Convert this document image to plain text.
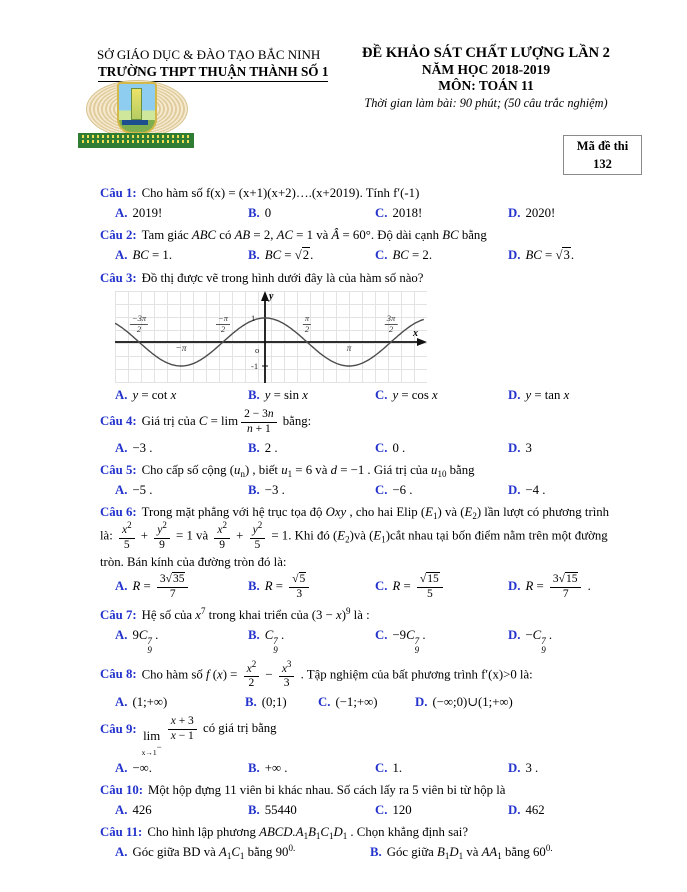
SỞ GIÁO DỤC & ĐÀO TẠO BẮC NINH
TRƯỜNG THPT THUẬN THÀNH SỐ 1
ĐỀ KHẢO SÁT CHẤT LƯỢNG LẦN 2
NĂM HỌC 2018-2019
MÔN: TOÁN 11
Thời gian làm bài: 90 phút; (50 câu trắc nghiệm)
Mã đề thi
132
Câu 1: Cho hàm số f(x) = (x+1)(x+2)….(x+2019). Tính f′(-1)
A. 2019!	B. 0	C. 2018!	D. 2020!
Câu 2: Tam giác ABC có AB = 2, AC = 1 và Â = 60°. Độ dài cạnh BC bằng
A. BC = 1.	B. BC = √2.	C. BC = 2.	D. BC = √3.
Câu 3: Đồ thị được vẽ trong hình dưới đây là của hàm số nào?
−3π
2
−π
−π
2
π
2
π
3π
2
1
-1
o
y
x
A. y = cot x	B. y = sin x	C. y = cos x	D. y = tan x
Câu 4: Giá trị của $C = \lim \frac{2 - 3n}{n + 1}$ bằng:
A. −3 .	B. 2 .	C. 0 .	D. 3
Câu 5: Cho cấp số cộng $(u_n)$ , biết $u_1 = 6$ và d = −1 . Giá trị của $u_{10}$ bằng
A. −5 .	B. −3 .	C. −6 .	D. −4 .
Câu 6: Trong mặt phẳng với hệ trục tọa độ Oxy , cho hai Elip $(E_1)$ và $(E_2)$ lần lượt có phương trình là: $\frac{x^2}{5} + \frac{y^2}{9} = 1$ và $\frac{x^2}{9} + \frac{y^2}{5} = 1$. Khi đó $(E_2)và$ $(E_1)cắt$ nhau tại bốn điểm nằm trên một đường tròn. Bán kính của đường tròn đó là:
A. $R = \frac{3√35}{7}$	B. $R = \frac{√5}{3}$	C. $R = \frac{√15}{5}$	D. $R = \frac{3√15}{7}$ .
Câu 7: Hệ số của $x^7$ trong khai triển của $(3 - x)^9$ là :
A. 9C 7
9
.	B. C 7
9
.	C. −9C 7
9
.	D. −C 7
9
.
Câu 8: Cho hàm số f $(x) = \frac{x^2}{2} - \frac{x^3}{3}$ . Tập nghiệm của bất phương trình f′(x)>0 là:
A. (1;+∞)	B. (0;1)	C. (−1;+∞)	D. (−∞;0)∪(1;+∞)
Câu 9: lim
x→1−
$\frac{x + 3}{x - 1}$ có giá trị bằng
A. −∞.	B. +∞ .	C. 1.	D. 3 .
Câu 10: Một hộp đựng 11 viên bi khác nhau. Số cách lấy ra 5 viên bi từ hộp là
A. 426	B. 55440	C. 120	D. 462
Câu 11: Cho hình lập phương $ABCD.A_1B_1C_1D_1$ . Chọn khẳng định sai?
A. Góc giữa BD và $A_1C_1$ bằng $90^{0.}$	B. Góc giữa $B_1D_1$ và $AA_1$ bằng $60^{0.}$
